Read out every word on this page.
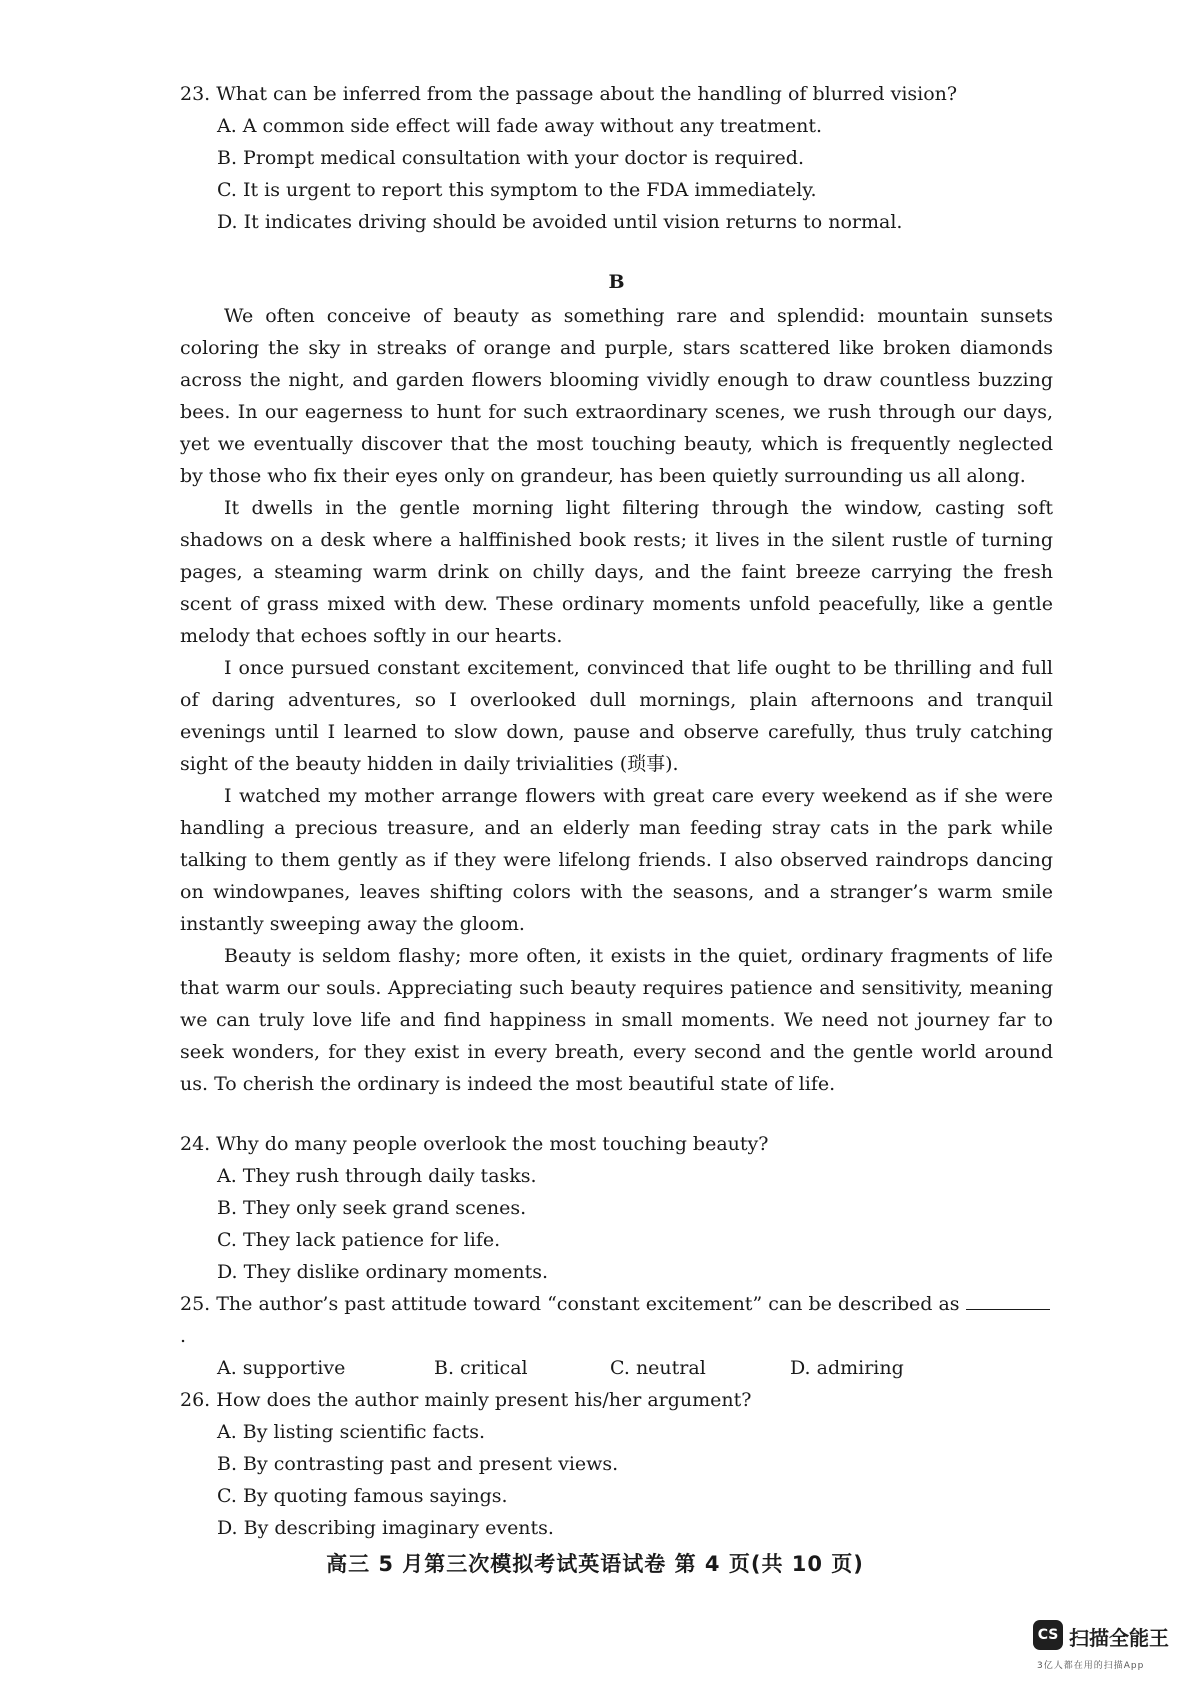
23. What can be inferred from the passage about the handling of blurred vision?

A. A common side effect will fade away without any treatment.

B. Prompt medical consultation with your doctor is required.

C. It is urgent to report this symptom to the FDA immediately.

D. It indicates driving should be avoided until vision returns to normal.

B

We often conceive of beauty as something rare and splendid: mountain sunsets coloring the sky in streaks of orange and purple, stars scattered like broken diamonds across the night, and garden flowers blooming vividly enough to draw countless buzzing bees. In our eagerness to hunt for such extraordinary scenes, we rush through our days, yet we eventually discover that the most touching beauty, which is frequently neglected by those who fix their eyes only on grandeur, has been quietly surrounding us all along.

It dwells in the gentle morning light filtering through the window, casting soft shadows on a desk where a halffinished book rests; it lives in the silent rustle of turning pages, a steaming warm drink on chilly days, and the faint breeze carrying the fresh scent of grass mixed with dew. These ordinary moments unfold peacefully, like a gentle melody that echoes softly in our hearts.

I once pursued constant excitement, convinced that life ought to be thrilling and full of daring adventures, so I overlooked dull mornings, plain afternoons and tranquil evenings until I learned to slow down, pause and observe carefully, thus truly catching sight of the beauty hidden in daily trivialities (琐事).

I watched my mother arrange flowers with great care every weekend as if she were handling a precious treasure, and an elderly man feeding stray cats in the park while talking to them gently as if they were lifelong friends. I also observed raindrops dancing on windowpanes, leaves shifting colors with the seasons, and a stranger’s warm smile instantly sweeping away the gloom.

Beauty is seldom flashy; more often, it exists in the quiet, ordinary fragments of life that warm our souls. Appreciating such beauty requires patience and sensitivity, meaning we can truly love life and find happiness in small moments. We need not journey far to seek wonders, for they exist in every breath, every second and the gentle world around us. To cherish the ordinary is indeed the most beautiful state of life.

24. Why do many people overlook the most touching beauty?

A. They rush through daily tasks.

B. They only seek grand scenes.

C. They lack patience for life.

D. They dislike ordinary moments.

25. The author’s past attitude toward “constant excitement” can be described as.

A. supportive	B. critical	C. neutral	D. admiring

26. How does the author mainly present his/her argument?

A. By listing scientific facts.

B. By contrasting past and present views.

C. By quoting famous sayings.

D. By describing imaginary events.

高三 5 月第三次模拟考试英语试卷 第 4 页(共 10 页)
CS 扫描全能王
3亿人都在用的扫描App
